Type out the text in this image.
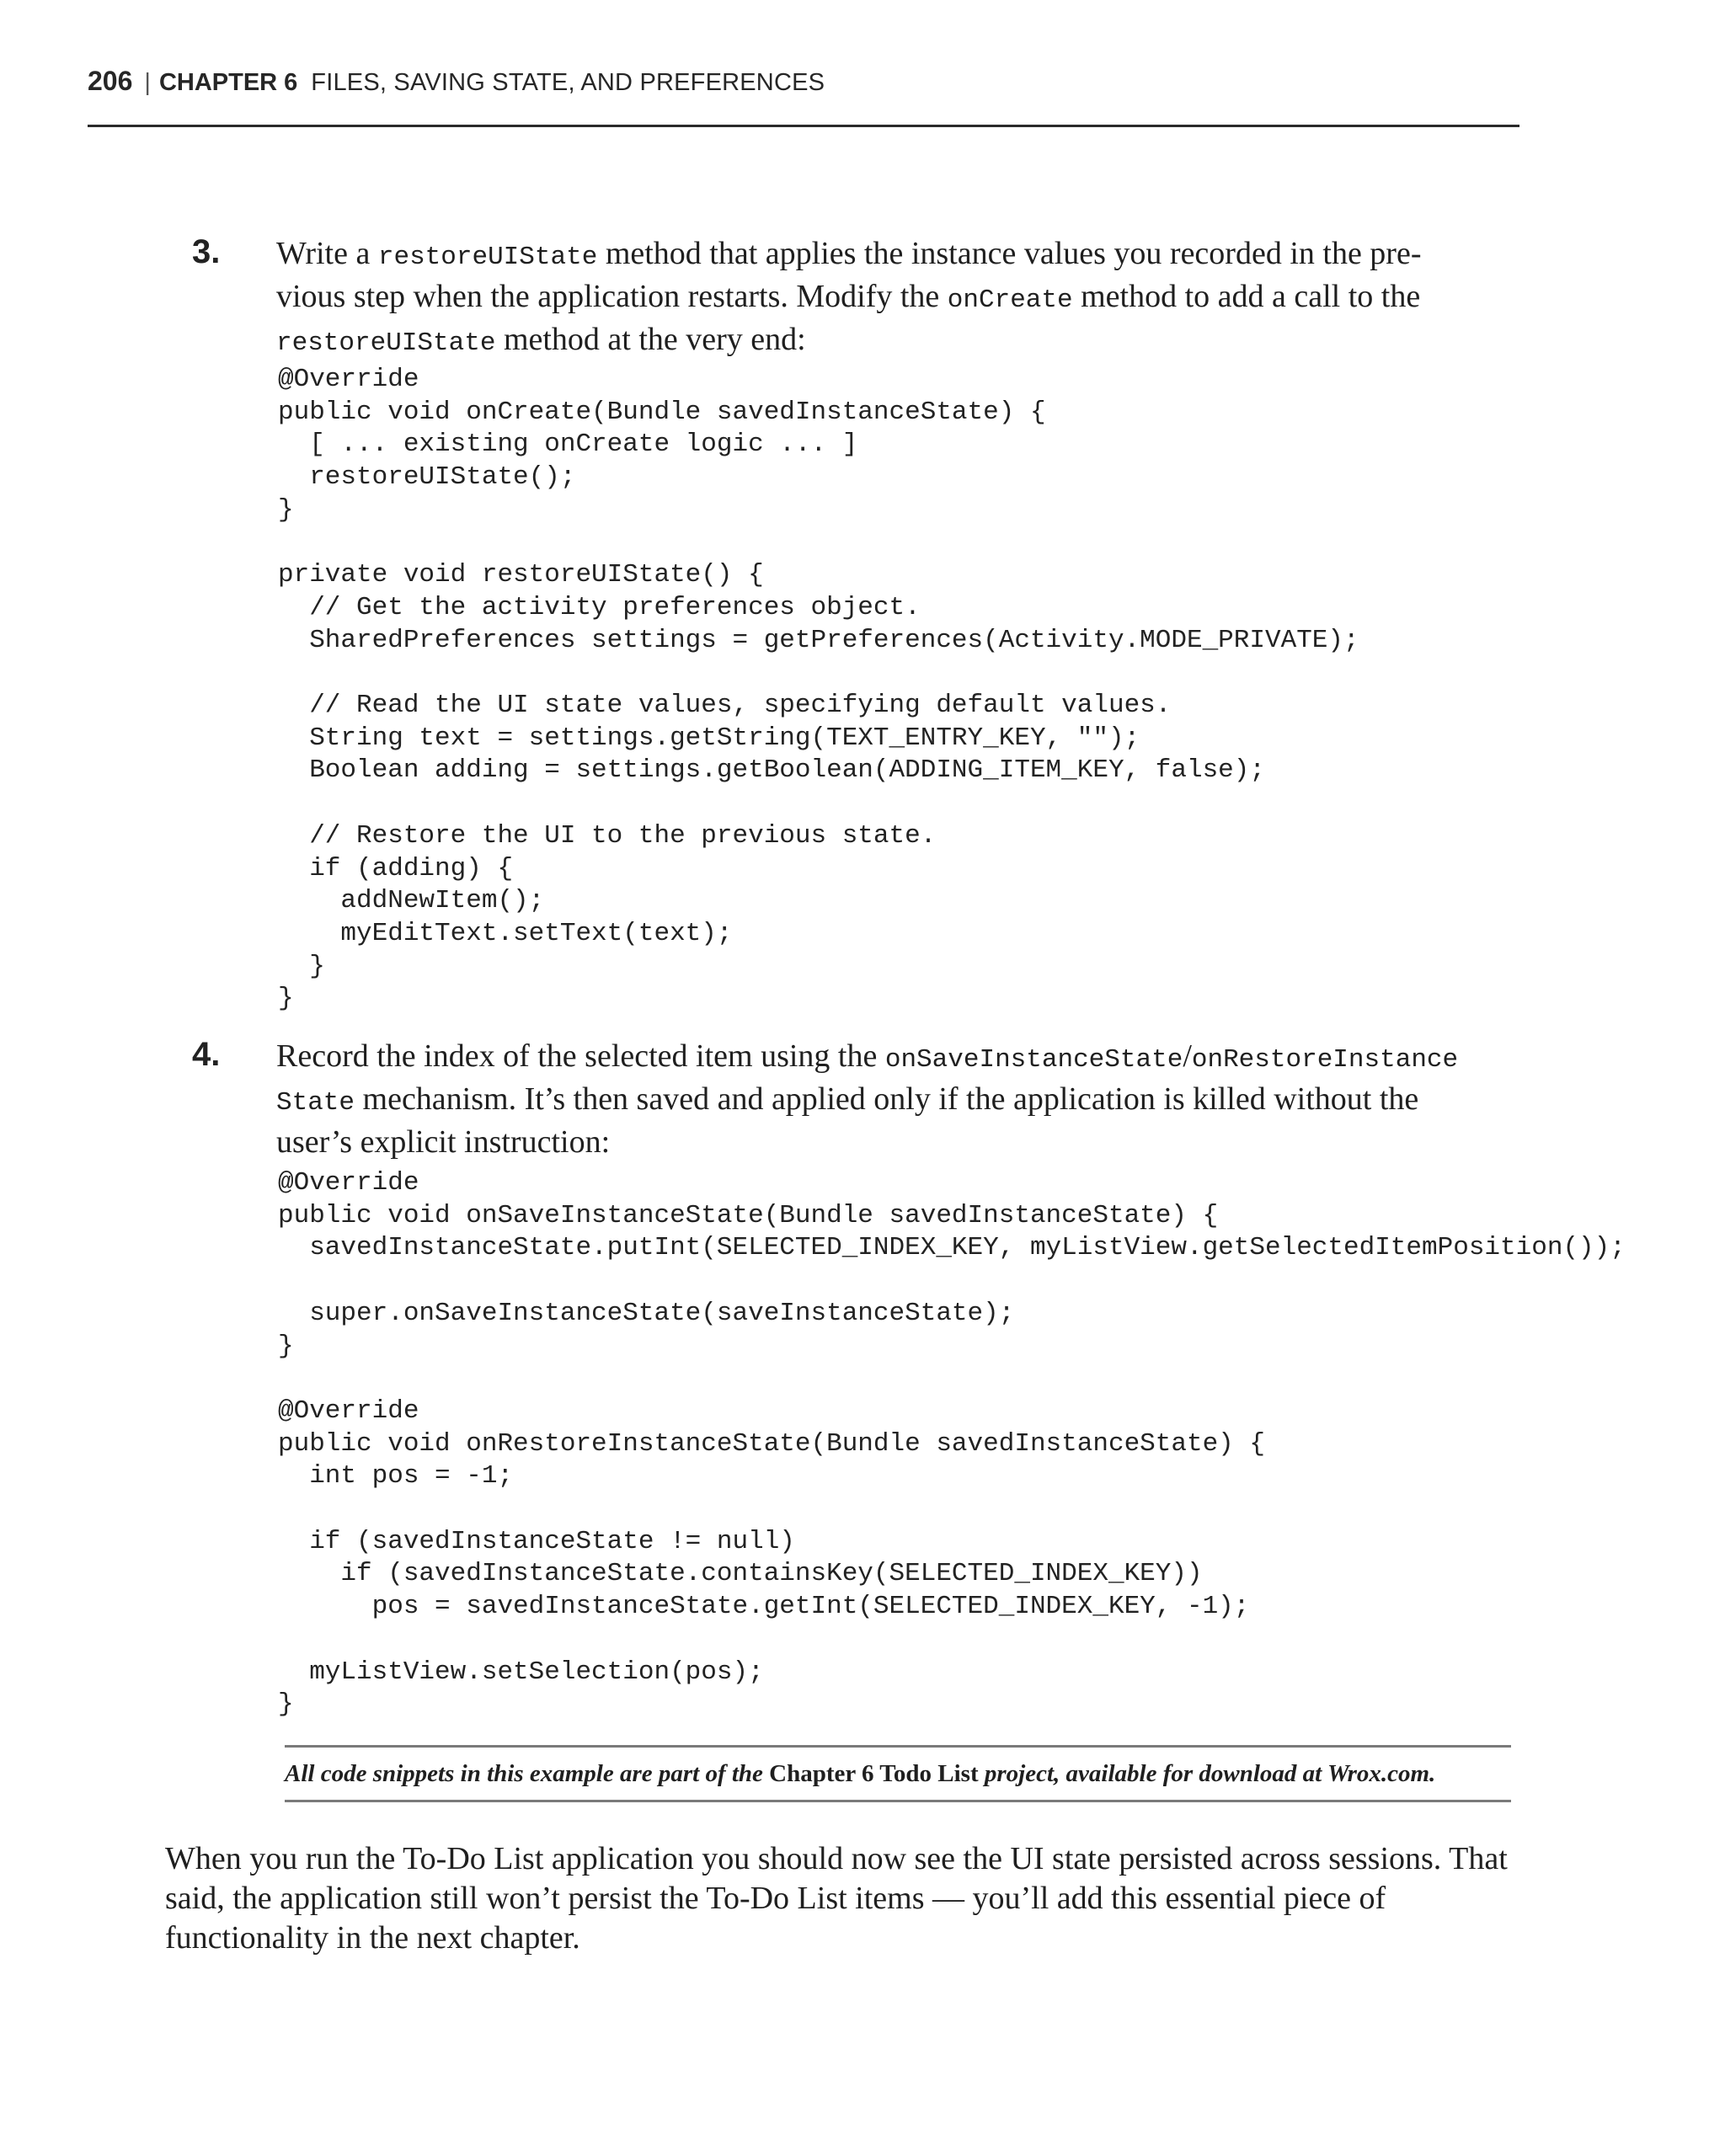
206 | CHAPTER 6 FILES, SAVING STATE, AND PREFERENCES
3. Write a restoreUIState method that applies the instance values you recorded in the pre-vious step when the application restarts. Modify the onCreate method to add a call to the restoreUIState method at the very end:
@Override
public void onCreate(Bundle savedInstanceState) {
[ ... existing onCreate logic ... ]
restoreUIState();
}

private void restoreUIState() {
// Get the activity preferences object.
SharedPreferences settings = getPreferences(Activity.MODE_PRIVATE);

// Read the UI state values, specifying default values.
String text = settings.getString(TEXT_ENTRY_KEY, "");
Boolean adding = settings.getBoolean(ADDING_ITEM_KEY, false);

// Restore the UI to the previous state.
if (adding) {
addNewItem();
myEditText.setText(text);
}
}
4. Record the index of the selected item using the onSaveInstanceState/onRestoreInstance State mechanism. It’s then saved and applied only if the application is killed without the user’s explicit instruction:
@Override
public void onSaveInstanceState(Bundle savedInstanceState) {
savedInstanceState.putInt(SELECTED_INDEX_KEY, myListView.getSelectedItemPosition());

super.onSaveInstanceState(saveInstanceState);
}

@Override
public void onRestoreInstanceState(Bundle savedInstanceState) {
int pos = -1;

if (savedInstanceState != null)
if (savedInstanceState.containsKey(SELECTED_INDEX_KEY))
pos = savedInstanceState.getInt(SELECTED_INDEX_KEY, -1);

myListView.setSelection(pos);
}
All code snippets in this example are part of the Chapter 6 Todo List project, available for download at Wrox.com.
When you run the To-Do List application you should now see the UI state persisted across sessions. That said, the application still won’t persist the To-Do List items — you’ll add this essential piece of functionality in the next chapter.
